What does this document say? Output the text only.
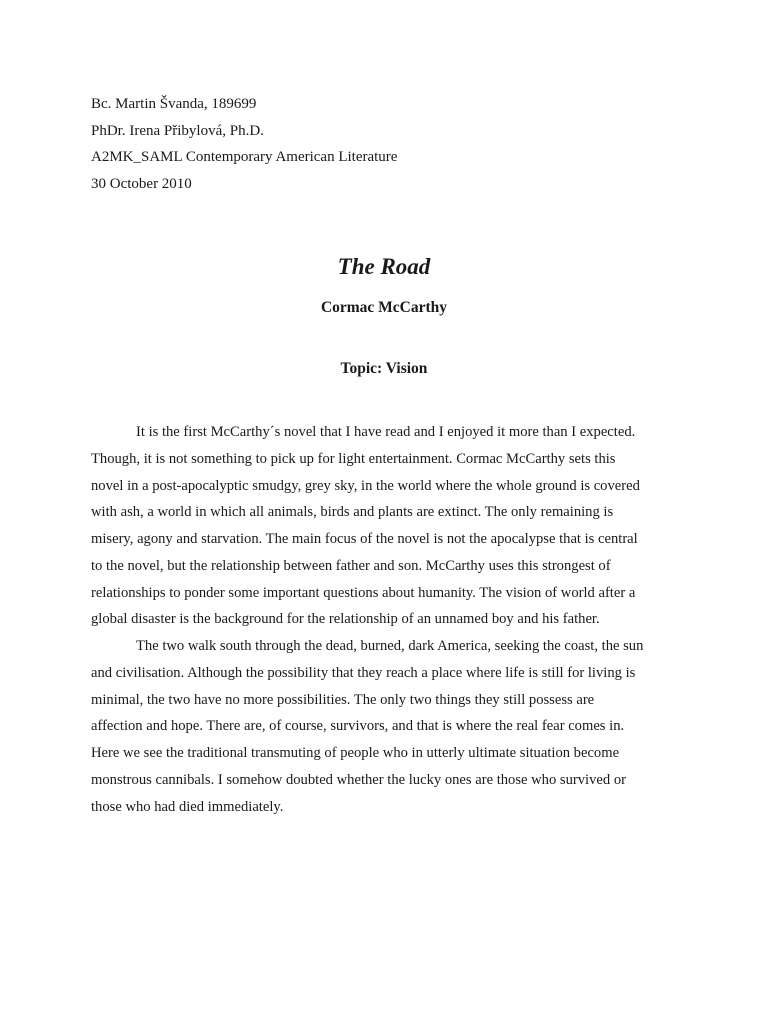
Bc. Martin Švanda, 189699
PhDr. Irena Přibylová, Ph.D.
A2MK_SAML Contemporary American Literature
30 October 2010
The Road
Cormac McCarthy
Topic: Vision
It is the first McCarthy´s novel that I have read and I enjoyed it more than I expected.
Though, it is not something to pick up for light entertainment. Cormac McCarthy sets this
novel in a post-apocalyptic smudgy, grey sky, in the world where the whole ground is covered
with ash, a world in which all animals, birds and plants are extinct. The only remaining is
misery, agony and starvation. The main focus of the novel is not the apocalypse that is central
to the novel, but the relationship between father and son. McCarthy uses this strongest of
relationships to ponder some important questions about humanity. The vision of world after a
global disaster is the background for the relationship of an unnamed boy and his father.
The two walk south through the dead, burned, dark America, seeking the coast, the sun
and civilisation. Although the possibility that they reach a place where life is still for living is
minimal, the two have no more possibilities. The only two things they still possess are
affection and hope. There are, of course, survivors, and that is where the real fear comes in.
Here we see the traditional transmuting of people who in utterly ultimate situation become
monstrous cannibals. I somehow doubted whether the lucky ones are those who survived or
those who had died immediately.
